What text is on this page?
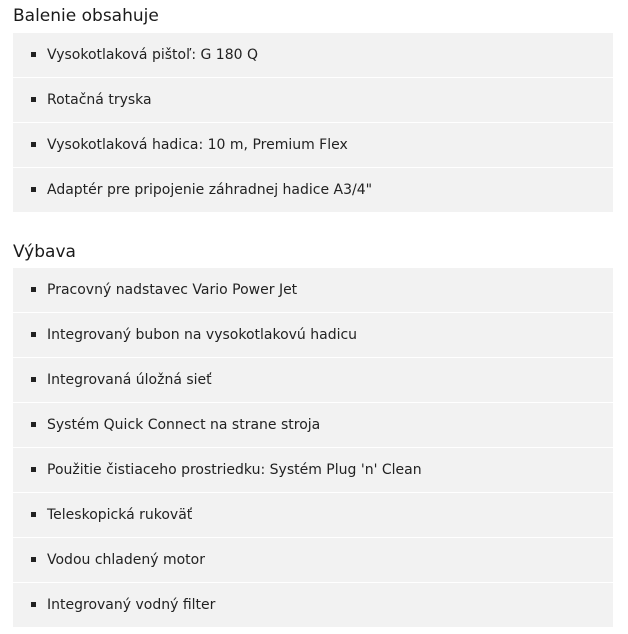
Balenie obsahuje
Vysokotlaková pištoľ: G 180 Q
Rotačná tryska
Vysokotlaková hadica: 10 m, Premium Flex
Adaptér pre pripojenie záhradnej hadice A3/4"
Výbava
Pracovný nadstavec Vario Power Jet
Integrovaný bubon na vysokotlakovú hadicu
Integrovaná úložná sieť
Systém Quick Connect na strane stroja
Použitie čistiaceho prostriedku: Systém Plug 'n' Clean
Teleskopická rukoväť
Vodou chladený motor
Integrovaný vodný filter
